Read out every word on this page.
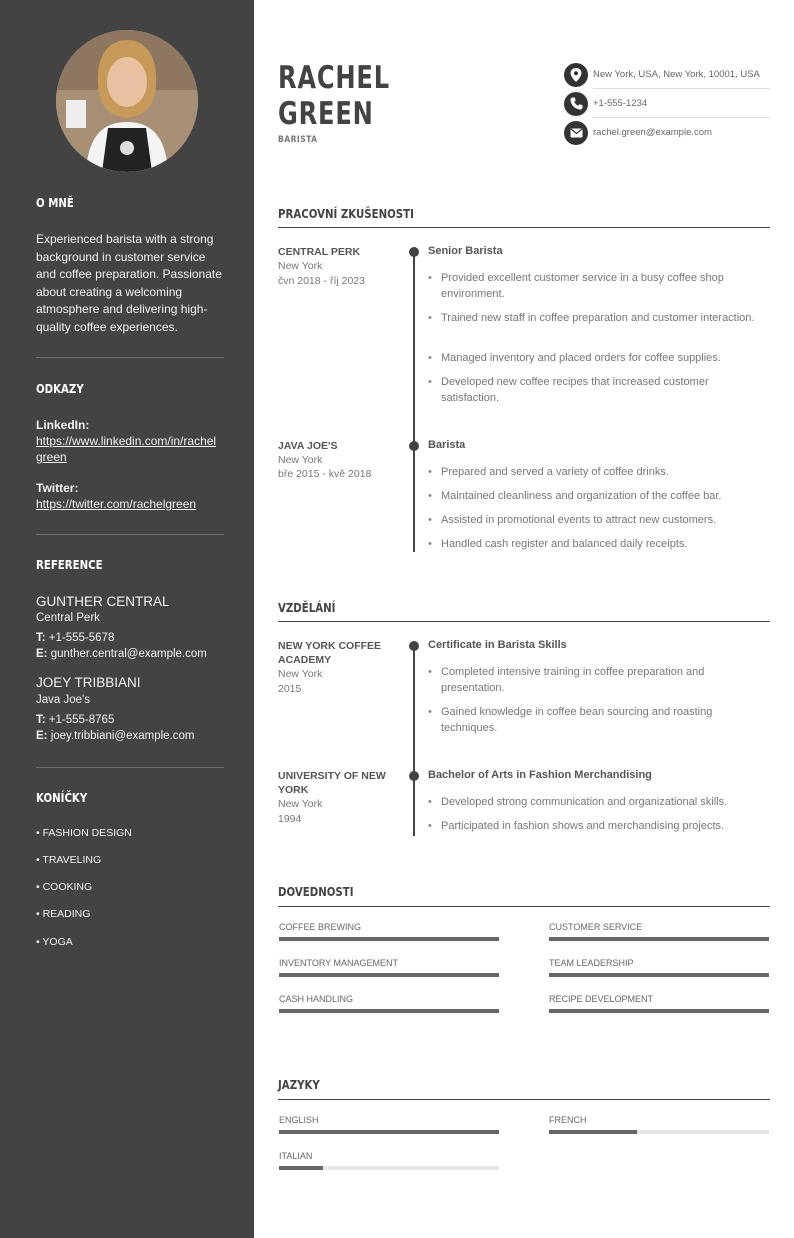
O MNĚ
Experienced barista with a strong background in customer service and coffee preparation. Passionate about creating a welcoming atmosphere and delivering high-quality coffee experiences.
ODKAZY
LinkedIn:
https://www.linkedin.com/in/rachelgreen
Twitter:
https://twitter.com/rachelgreen
REFERENCE
GUNTHER CENTRAL
Central Perk
T: +1-555-5678
E: gunther.central@example.com
JOEY TRIBBIANI
Java Joe's
T: +1-555-8765
E: joey.tribbiani@example.com
KONÍČKY
• FASHION DESIGN
• TRAVELING
• COOKING
• READING
• YOGA
RACHEL
GREEN
BARISTA
New York, USA, New York, 10001, USA
+1-555-1234
rachel.green@example.com
PRACOVNÍ ZKUŠENOSTI
CENTRAL PERK
New York
čvn 2018 - říj 2023
Senior Barista
• Provided excellent customer service in a busy coffee shop environment.
• Trained new staff in coffee preparation and customer interaction.
• Managed inventory and placed orders for coffee supplies.
• Developed new coffee recipes that increased customer satisfaction.
JAVA JOE'S
New York
bře 2015 - kvě 2018
Barista
• Prepared and served a variety of coffee drinks.
• Maintained cleanliness and organization of the coffee bar.
• Assisted in promotional events to attract new customers.
• Handled cash register and balanced daily receipts.
VZDĚLÁNÍ
NEW YORK COFFEE ACADEMY
New York
2015
Certificate in Barista Skills
• Completed intensive training in coffee preparation and presentation.
• Gained knowledge in coffee bean sourcing and roasting techniques.
UNIVERSITY OF NEW YORK
New York
1994
Bachelor of Arts in Fashion Merchandising
• Developed strong communication and organizational skills.
• Participated in fashion shows and merchandising projects.
DOVEDNOSTI
COFFEE BREWING	CUSTOMER SERVICE
INVENTORY MANAGEMENT	TEAM LEADERSHIP
CASH HANDLING	RECIPE DEVELOPMENT
JAZYKY
ENGLISH	FRENCH
ITALIAN
